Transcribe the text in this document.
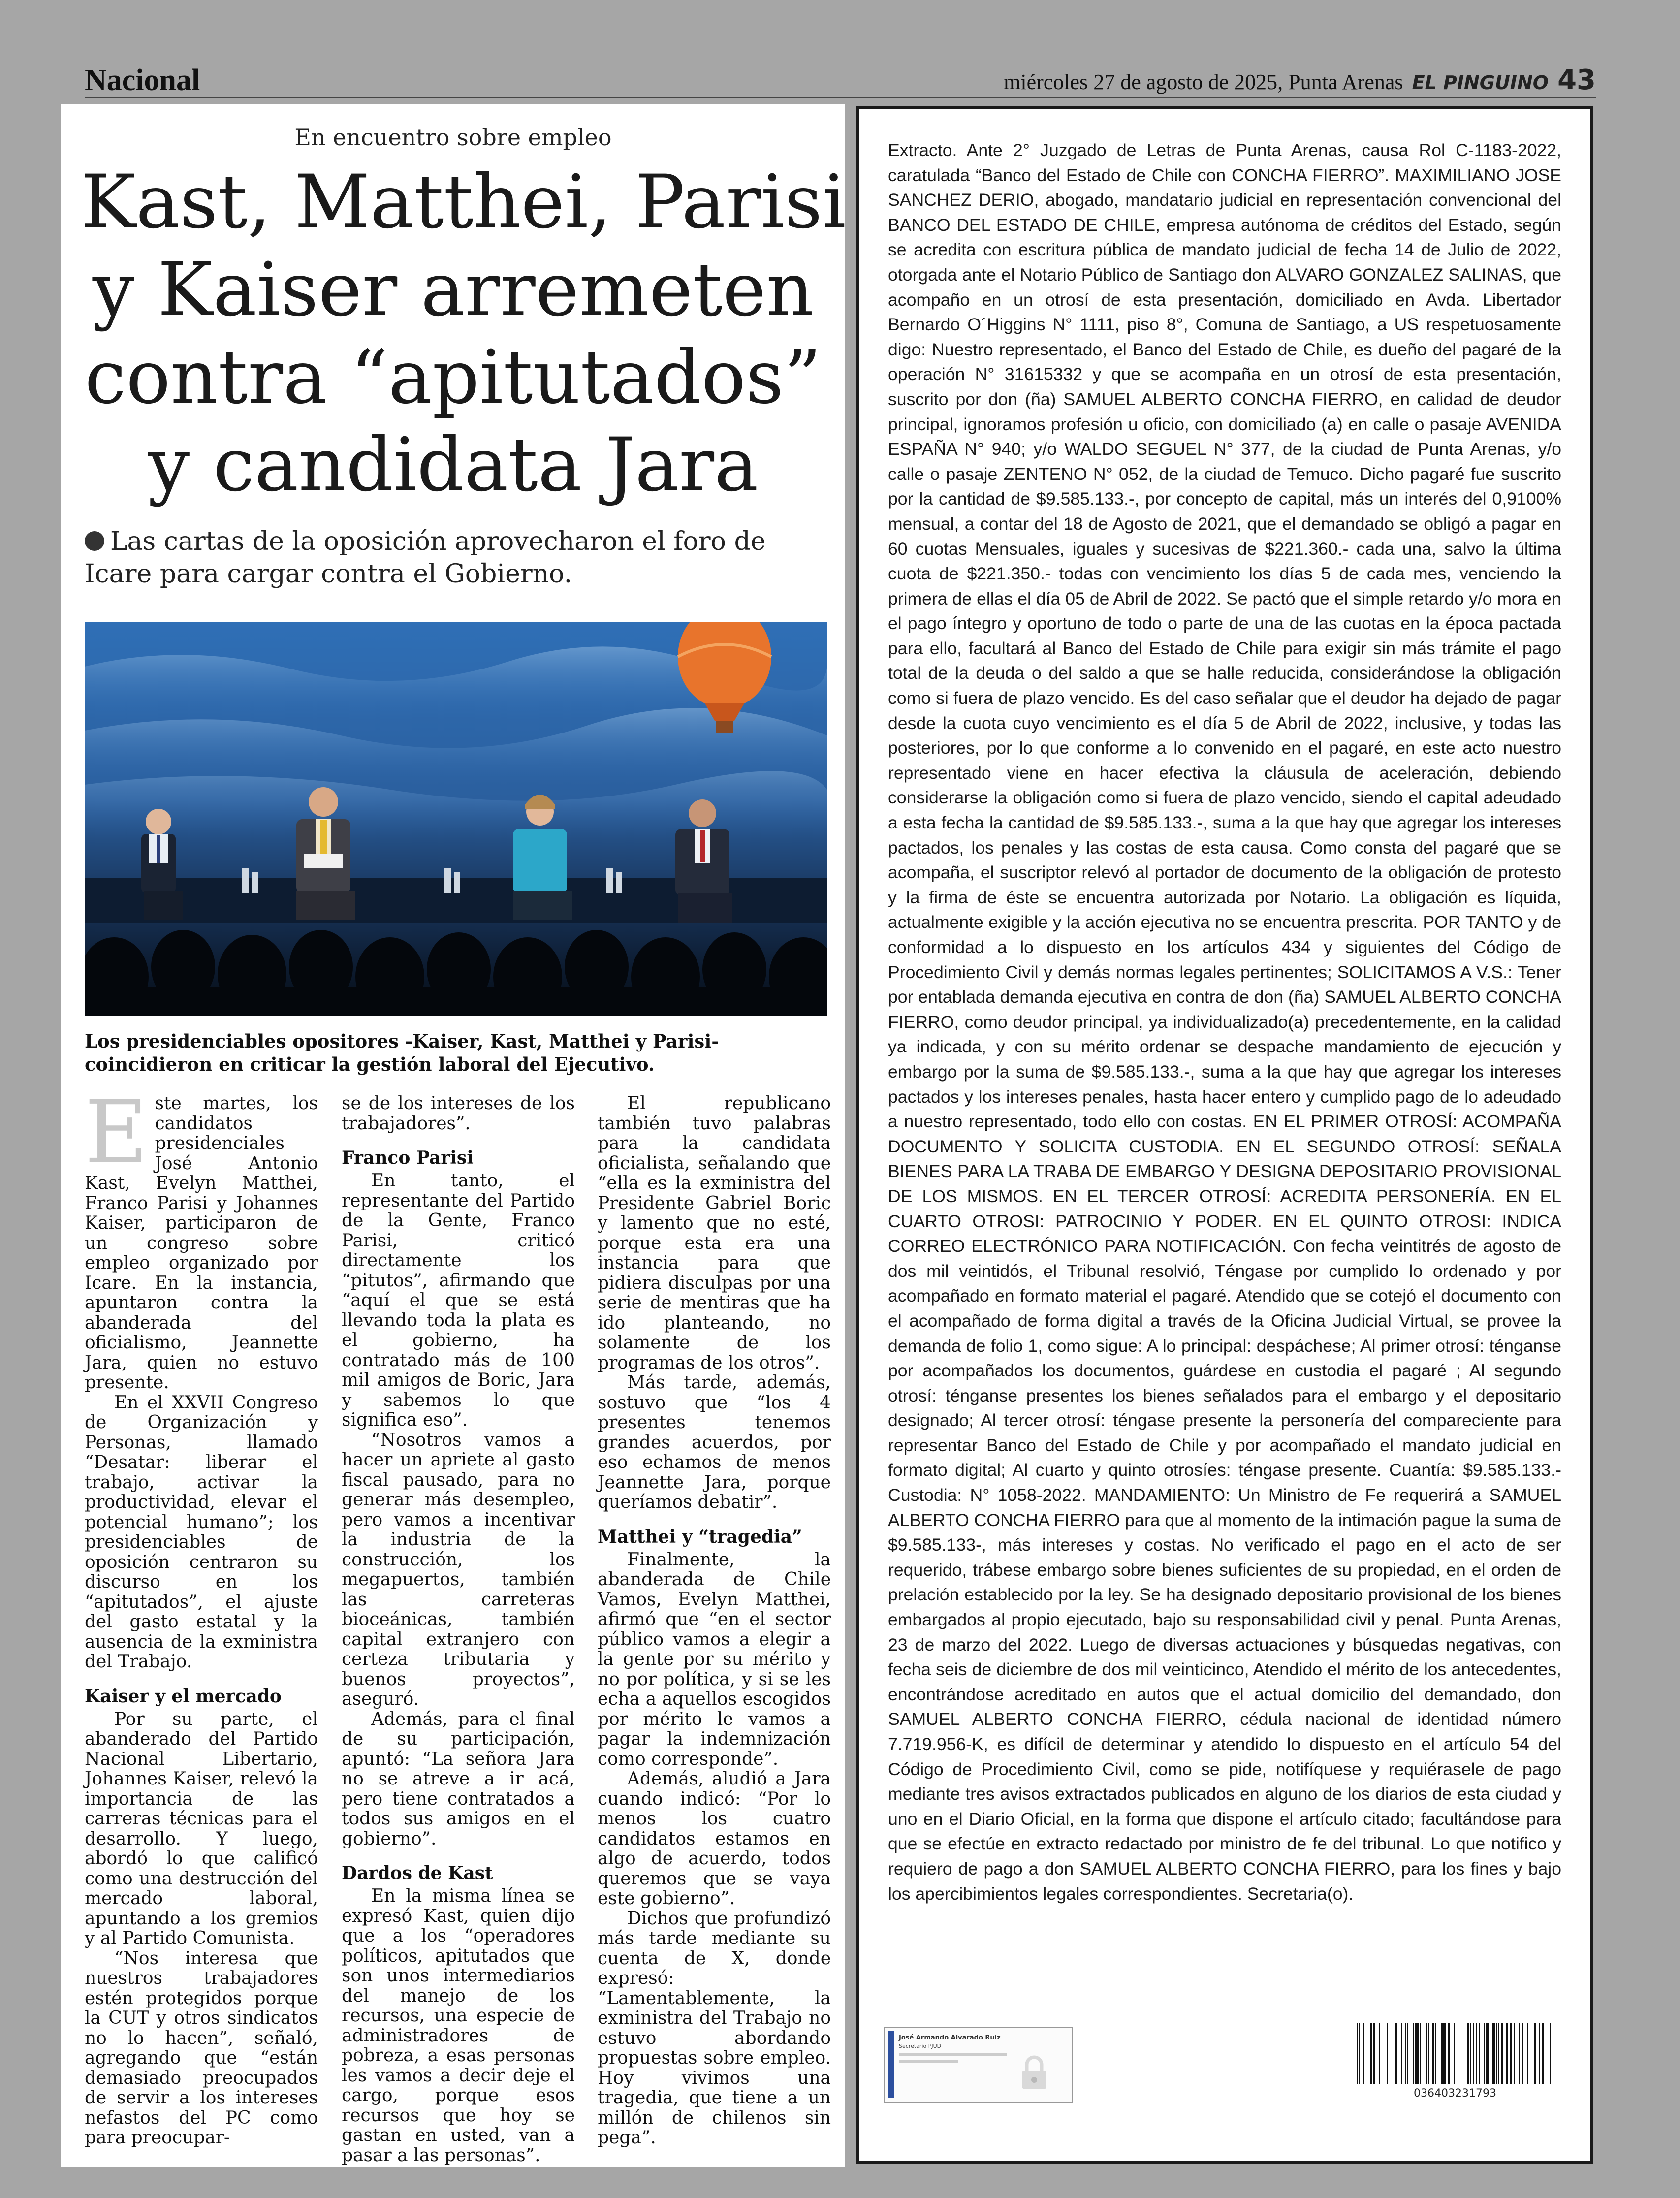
Nacional	miércoles 27 de agosto de 2025, Punta Arenas EL PINGUINO 43
En encuentro sobre empleo
Kast, Matthei, Parisi
y Kaiser arremeten
contra “apitutados”
y candidata Jara

Las cartas de la oposición aprovecharon el foro de Icare para cargar contra el Gobierno.

Los presidenciables opositores -Kaiser, Kast, Matthei y Parisi- coincidieron en criticar la gestión laboral del Ejecutivo.
E ste martes, los candidatos presidenciales José Antonio Kast, Evelyn Matthei, Franco Parisi y Johannes Kaiser, participaron de un congreso sobre empleo organizado por Icare. En la instancia, apuntaron contra la abanderada del oficialismo, Jeannette Jara, quien no estuvo presente.

En el XXVII Congreso de Organización y Personas, llamado “Desatar: liberar el trabajo, activar la productividad, elevar el potencial humano”; los presidenciables de oposición centraron su discurso en los “apitutados”, el ajuste del gasto estatal y la ausencia de la exministra del Trabajo.

Kaiser y el mercado

Por su parte, el abanderado del Partido Nacional Libertario, Johannes Kaiser, relevó la importancia de las carreras técnicas para el desarrollo. Y luego, abordó lo que calificó como una destrucción del mercado laboral, apuntando a los gremios y al Partido Comunista.

“Nos interesa que nuestros trabajadores estén protegidos porque la CUT y otros sindicatos no lo hacen”, señaló, agregando que “están demasiado preocupados de servir a los intereses nefastos del PC como para preocupar-

se de los intereses de los trabajadores”.

Franco Parisi

En tanto, el representante del Partido de la Gente, Franco Parisi, criticó directamente los “pitutos”, afirmando que “aquí el que se está llevando toda la plata es el gobierno, ha contratado más de 100 mil amigos de Boric, Jara y sabemos lo que significa eso”.

“Nosotros vamos a hacer un apriete al gasto fiscal pausado, para no generar más desempleo, pero vamos a incentivar la industria de la construcción, los megapuertos, también las carreteras bioceánicas, también capital extranjero con certeza tributaria y buenos proyectos”, aseguró.

Además, para el final de su participación, apuntó: “La señora Jara no se atreve a ir acá, pero tiene contratados a todos sus amigos en el gobierno”.

Dardos de Kast

En la misma línea se expresó Kast, quien dijo que a los “operadores políticos, apitutados que son unos intermediarios del manejo de los recursos, una especie de administradores de pobreza, a esas personas les vamos a decir deje el cargo, porque esos recursos que hoy se gastan en usted, van a pasar a las personas”.

El republicano también tuvo palabras para la candidata oficialista, señalando que “ella es la exministra del Presidente Gabriel Boric y lamento que no esté, porque esta era una instancia para que pidiera disculpas por una serie de mentiras que ha ido planteando, no solamente de los programas de los otros”.

Más tarde, además, sostuvo que “los 4 presentes tenemos grandes acuerdos, por eso echamos de menos Jeannette Jara, porque queríamos debatir”.

Matthei y “tragedia”

Finalmente, la abanderada de Chile Vamos, Evelyn Matthei, afirmó que “en el sector público vamos a elegir a la gente por su mérito y no por política, y si se les echa a aquellos escogidos por mérito le vamos a pagar la indemnización como corresponde”.

Además, aludió a Jara cuando indicó: “Por lo menos los cuatro candidatos estamos en algo de acuerdo, todos queremos que se vaya este gobierno”.

Dichos que profundizó más tarde mediante su cuenta de X, donde expresó: “Lamentablemente, la exministra del Trabajo no estuvo abordando propuestas sobre empleo. Hoy vivimos una tragedia, que tiene a un millón de chilenos sin pega”.

Extracto. Ante 2° Juzgado de Letras de Punta Arenas, causa Rol C-1183-2022, caratulada “Banco del Estado de Chile con CONCHA FIERRO”. MAXIMILIANO JOSE SANCHEZ DERIO, abogado, mandatario judicial en representación convencional del BANCO DEL ESTADO DE CHILE, empresa autónoma de créditos del Estado, según se acredita con escritura pública de mandato judicial de fecha 14 de Julio de 2022, otorgada ante el Notario Público de Santiago don ALVARO GONZALEZ SALINAS, que acompaño en un otrosí de esta presentación, domiciliado en Avda. Libertador Bernardo O´Higgins N° 1111, piso 8°, Comuna de Santiago, a US respetuosamente digo: Nuestro representado, el Banco del Estado de Chile, es dueño del pagaré de la operación N° 31615332 y que se acompaña en un otrosí de esta presentación, suscrito por don (ña) SAMUEL ALBERTO CONCHA FIERRO, en calidad de deudor principal, ignoramos profesión u oficio, con domiciliado (a) en calle o pasaje AVENIDA ESPAÑA N° 940; y/o WALDO SEGUEL N° 377, de la ciudad de Punta Arenas, y/o calle o pasaje ZENTENO N° 052, de la ciudad de Temuco. Dicho pagaré fue suscrito por la cantidad de $9.585.133.-, por concepto de capital, más un interés del 0,9100% mensual, a contar del 18 de Agosto de 2021, que el demandado se obligó a pagar en 60 cuotas Mensuales, iguales y sucesivas de $221.360.- cada una, salvo la última cuota de $221.350.- todas con vencimiento los días 5 de cada mes, venciendo la primera de ellas el día 05 de Abril de 2022. Se pactó que el simple retardo y/o mora en el pago íntegro y oportuno de todo o parte de una de las cuotas en la época pactada para ello, facultará al Banco del Estado de Chile para exigir sin más trámite el pago total de la deuda o del saldo a que se halle reducida, considerándose la obligación como si fuera de plazo vencido. Es del caso señalar que el deudor ha dejado de pagar desde la cuota cuyo vencimiento es el día 5 de Abril de 2022, inclusive, y todas las posteriores, por lo que conforme a lo convenido en el pagaré, en este acto nuestro representado viene en hacer efectiva la cláusula de aceleración, debiendo considerarse la obligación como si fuera de plazo vencido, siendo el capital adeudado a esta fecha la cantidad de $9.585.133.-, suma a la que hay que agregar los intereses pactados, los penales y las costas de esta causa. Como consta del pagaré que se acompaña, el suscriptor relevó al portador de documento de la obligación de protesto y la firma de éste se encuentra autorizada por Notario. La obligación es líquida, actualmente exigible y la acción ejecutiva no se encuentra prescrita. POR TANTO y de conformidad a lo dispuesto en los artículos 434 y siguientes del Código de Procedimiento Civil y demás normas legales pertinentes; SOLICITAMOS A V.S.: Tener por entablada demanda ejecutiva en contra de don (ña) SAMUEL ALBERTO CONCHA FIERRO, como deudor principal, ya individualizado(a) precedentemente, en la calidad ya indicada, y con su mérito ordenar se despache mandamiento de ejecución y embargo por la suma de $9.585.133.-, suma a la que hay que agregar los intereses pactados y los intereses penales, hasta hacer entero y cumplido pago de lo adeudado a nuestro representado, todo ello con costas. EN EL PRIMER OTROSÍ: ACOMPAÑA DOCUMENTO Y SOLICITA CUSTODIA. EN EL SEGUNDO OTROSÍ: SEÑALA BIENES PARA LA TRABA DE EMBARGO Y DESIGNA DEPOSITARIO PROVISIONAL DE LOS MISMOS. EN EL TERCER OTROSÍ: ACREDITA PERSONERÍA. EN EL CUARTO OTROSI: PATROCINIO Y PODER. EN EL QUINTO OTROSI: INDICA CORREO ELECTRÓNICO PARA NOTIFICACIÓN. Con fecha veintitrés de agosto de dos mil veintidós, el Tribunal resolvió, Téngase por cumplido lo ordenado y por acompañado en formato material el pagaré. Atendido que se cotejó el documento con el acompañado de forma digital a través de la Oficina Judicial Virtual, se provee la demanda de folio 1, como sigue: A lo principal: despáchese; Al primer otrosí: ténganse por acompañados los documentos, guárdese en custodia el pagaré ; Al segundo otrosí: ténganse presentes los bienes señalados para el embargo y el depositario designado; Al tercer otrosí: téngase presente la personería del compareciente para representar Banco del Estado de Chile y por acompañado el mandato judicial en formato digital; Al cuarto y quinto otrosíes: téngase presente. Cuantía: $9.585.133.- Custodia: N° 1058-2022. MANDAMIENTO: Un Ministro de Fe requerirá a SAMUEL ALBERTO CONCHA FIERRO para que al momento de la intimación pague la suma de $9.585.133-, más intereses y costas. No verificado el pago en el acto de ser requerido, trábese embargo sobre bienes suficientes de su propiedad, en el orden de prelación establecido por la ley. Se ha designado depositario provisional de los bienes embargados al propio ejecutado, bajo su responsabilidad civil y penal. Punta Arenas, 23 de marzo del 2022. Luego de diversas actuaciones y búsquedas negativas, con fecha seis de diciembre de dos mil veinticinco, Atendido el mérito de los antecedentes, encontrándose acreditado en autos que el actual domicilio del demandado, don SAMUEL ALBERTO CONCHA FIERRO, cédula nacional de identidad número 7.719.956-K, es difícil de determinar y atendido lo dispuesto en el artículo 54 del Código de Procedimiento Civil, como se pide, notifíquese y requiérasele de pago mediante tres avisos extractados publicados en alguno de los diarios de esta ciudad y uno en el Diario Oficial, en la forma que dispone el artículo citado; facultándose para que se efectúe en extracto redactado por ministro de fe del tribunal. Lo que notifico y requiero de pago a don SAMUEL ALBERTO CONCHA FIERRO, para los fines y bajo los apercibimientos legales correspondientes. Secretaria(o).

José Armando Alvarado Ruiz
Secretario PJUD
036403231793
